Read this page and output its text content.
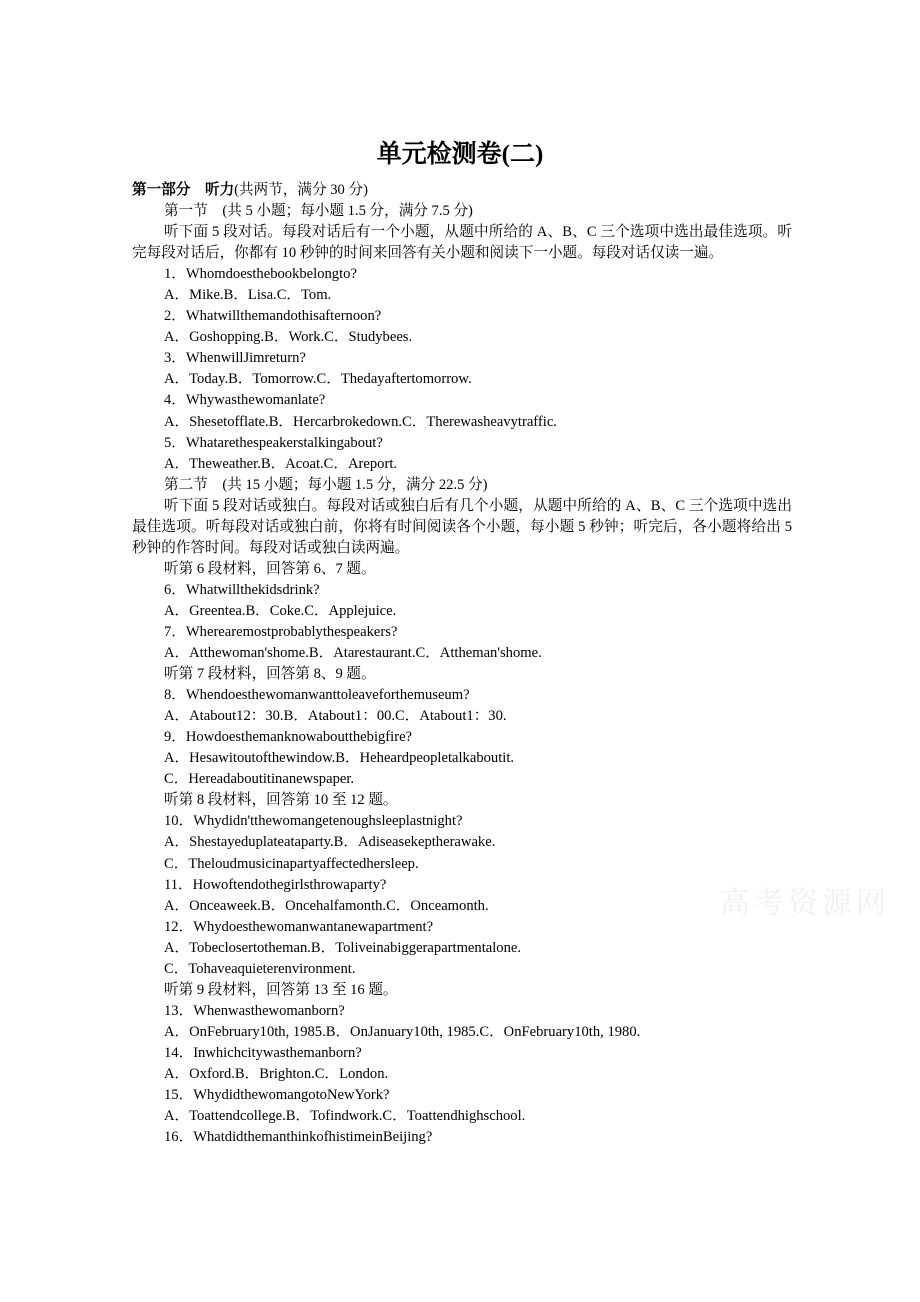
单元检测卷(二)
第一部分　听力(共两节，满分 30 分)
第一节　(共 5 小题；每小题 1.5 分，满分 7.5 分)
听下面 5 段对话。每段对话后有一个小题，从题中所给的 A、B、C 三个选项中选出最佳选项。听完每段对话后，你都有 10 秒钟的时间来回答有关小题和阅读下一小题。每段对话仅读一遍。
1．Whomdoesthebookbelongto?
A．Mike.B．Lisa.C．Tom.
2．Whatwillthemandothisafternoon?
A．Goshopping.B．Work.C．Studybees.
3．WhenwillJimreturn?
A．Today.B．Tomorrow.C．Thedayaftertomorrow.
4．Whywasthewomanlate?
A．Shesetofflate.B．Hercarbrokedown.C．Therewasheavytraffic.
5．Whatarethespeakerstalkingabout?
A．Theweather.B．Acoat.C．Areport.
第二节　(共 15 小题；每小题 1.5 分，满分 22.5 分)
听下面 5 段对话或独白。每段对话或独白后有几个小题，从题中所给的 A、B、C 三个选项中选出最佳选项。听每段对话或独白前，你将有时间阅读各个小题，每小题 5 秒钟；听完后，各小题将给出 5 秒钟的作答时间。每段对话或独白读两遍。
听第 6 段材料，回答第 6、7 题。
6．Whatwillthekidsdrink?
A．Greentea.B．Coke.C．Applejuice.
7．Wherearemostprobablythespeakers?
A．Atthewoman'shome.B．Atarestaurant.C．Attheman'shome.
听第 7 段材料，回答第 8、9 题。
8．Whendoesthewomanwanttoleaveforthemuseum?
A．Atabout12：30.B．Atabout1：00.C．Atabout1：30.
9．Howdoesthemanknowaboutthebigfire?
A．Hesawitoutofthewindow.B．Heheardpeopletalkaboutit.
C．Hereadaboutitinanewspaper.
听第 8 段材料，回答第 10 至 12 题。
10．Whydidn'tthewomangetenoughsleeplastnight?
A．Shestayeduplateataparty.B．Adiseasekeptherawake.
C．Theloudmusicinapartyaffectedhersleep.
11．Howoftendothegirlsthrowaparty?
A．Onceaweek.B．Oncehalfamonth.C．Onceamonth.
12．Whydoesthewomanwantanewapartment?
A．Tobeclosertotheman.B．Toliveinabiggerapartmentalone.
C．Tohaveaquieterenvironment.
听第 9 段材料，回答第 13 至 16 题。
13．Whenwasthewomanborn?
A．OnFebruary10th, 1985.B．OnJanuary10th, 1985.C．OnFebruary10th, 1980.
14．Inwhichcitywasthemanborn?
A．Oxford.B．Brighton.C．London.
15．WhydidthewomangotoNewYork?
A．Toattendcollege.B．Tofindwork.C．Toattendhighschool.
16．WhatdidthemanthinkofhistimeinBeijing?
高考资源网
